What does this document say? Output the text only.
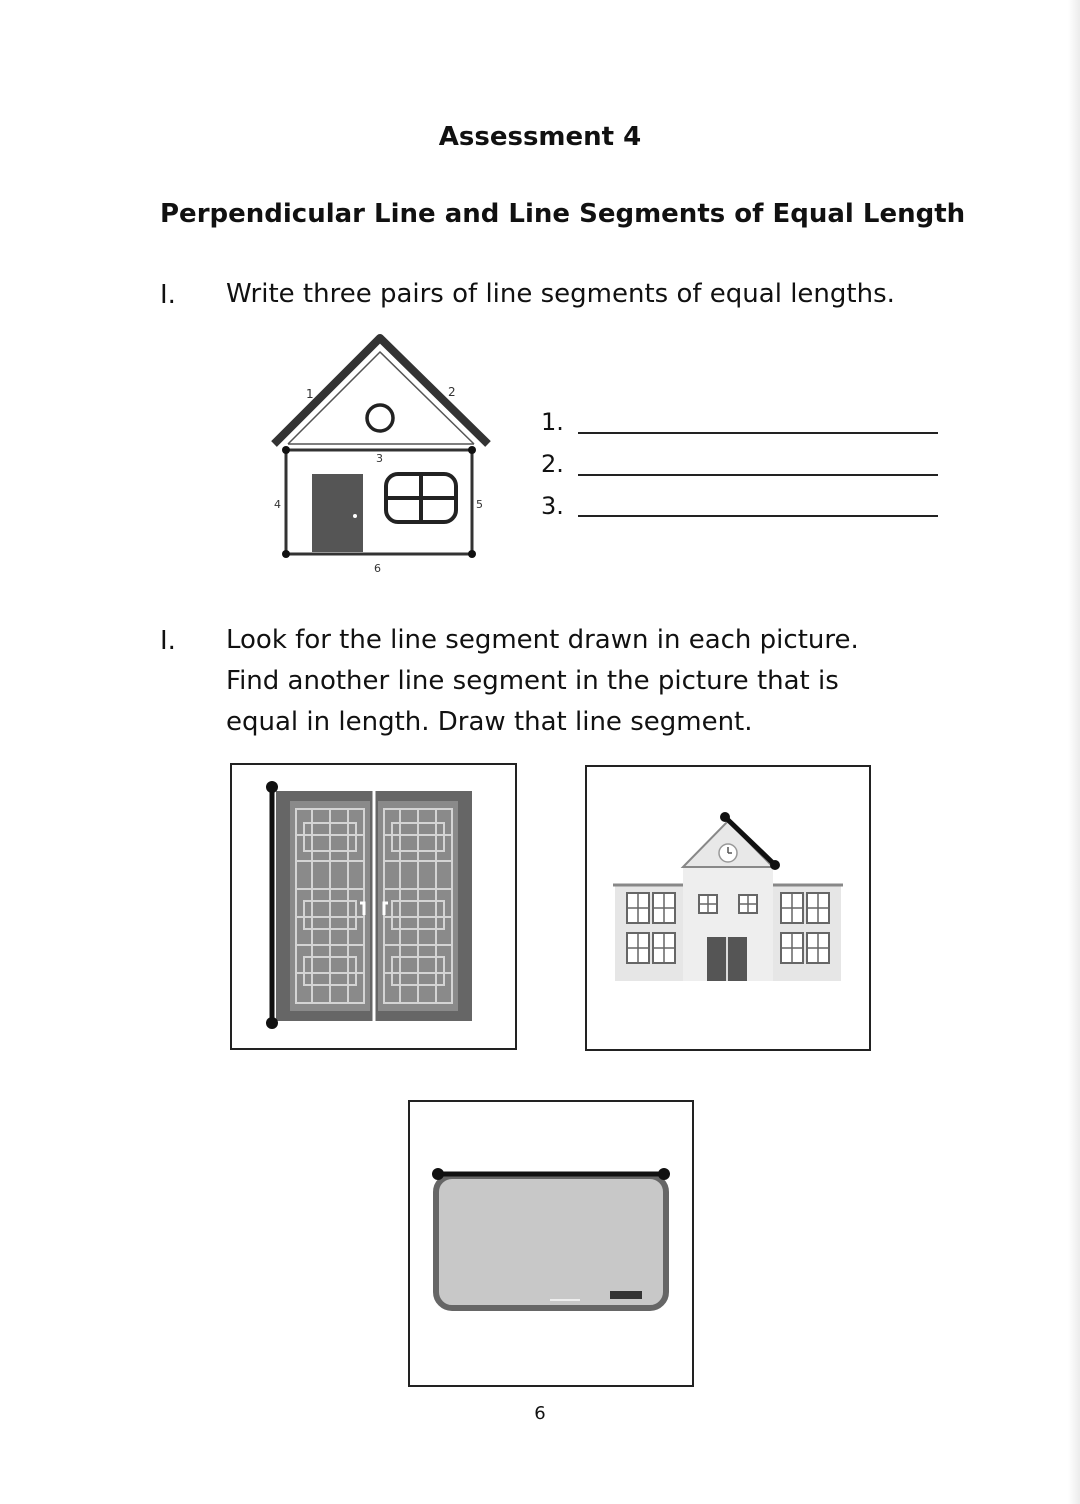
Assessment 4
Perpendicular Line and Line Segments of Equal Length
I. Write three pairs of line segments of equal lengths.
1	2
3
4	5
6
1.
2.
3.
I. Look for the line segment drawn in each picture.
Find another line segment in the picture that is
equal in length. Draw that line segment.
6
